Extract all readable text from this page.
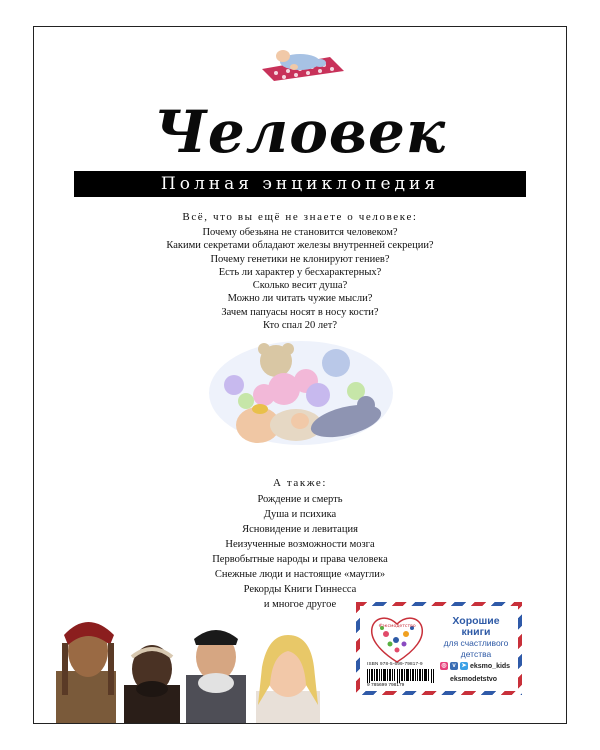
Человек
Полная энциклопедия
Всё, что вы ещё не знаете о человеке:
Почему обезьяна не становится человеком?
Какими секретами обладают железы внутренней секреции?
Почему генетики не клонируют гениев?
Есть ли характер у бесхарактерных?
Сколько весит душа?
Можно ли читать чужие мысли?
Зачем папуасы носят в носу кости?
Кто спал 20 лет?
А также:
Рождение и смерть
Душа и психика
Ясновидение и левитация
Неизученные возможности мозга
Первобытные народы и права человека
Снежные люди и настоящие «маугли»
Рекорды Книги Гиннесса
и многое другое
#эксмодетство
ISBN 978-5-699-79817-9
9 785699 798179
Хорошие
книги
для счастливого
детства
◎ v ➤ eksmo_kids
eksmodetstvo
